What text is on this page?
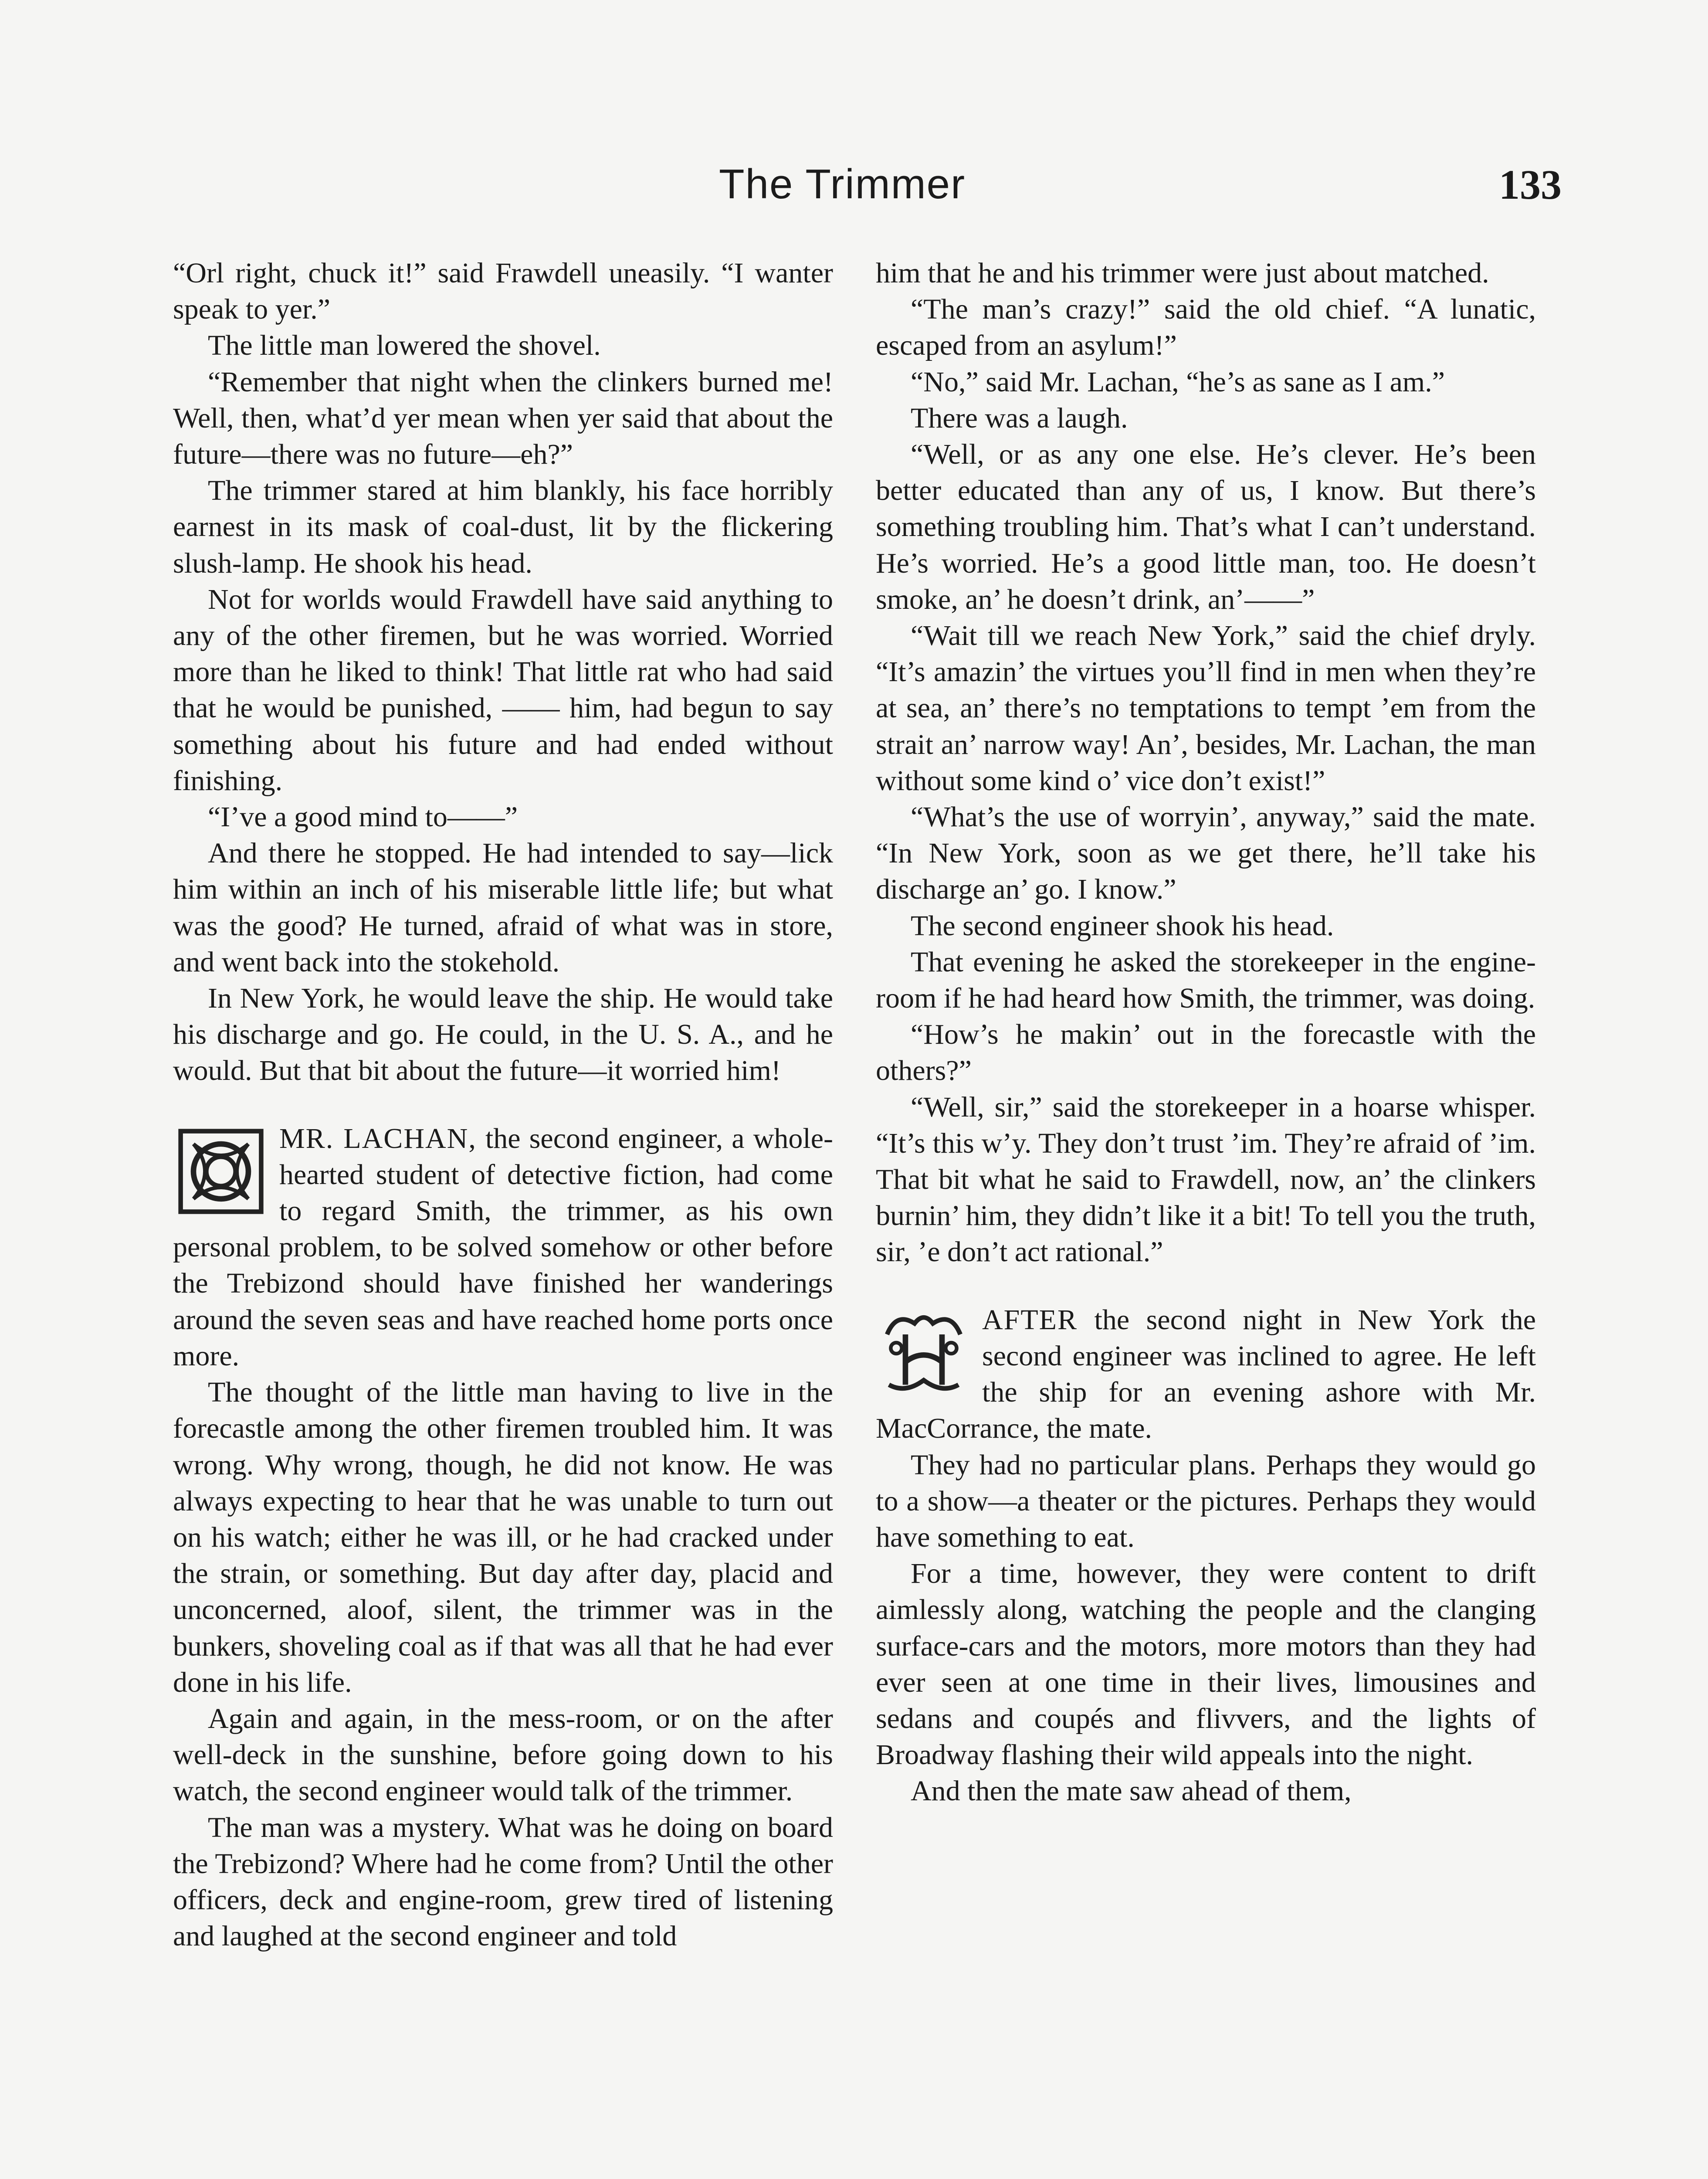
The Trimmer	133

“Orl right, chuck it!” said Frawdell uneasily. “I wanter speak to yer.”

The little man lowered the shovel.

“Remember that night when the clinkers burned me! Well, then, what’d yer mean when yer said that about the future—there was no future—eh?”

The trimmer stared at him blankly, his face horribly earnest in its mask of coal-dust, lit by the flickering slush-lamp. He shook his head.

Not for worlds would Frawdell have said anything to any of the other firemen, but he was worried. Worried more than he liked to think! That little rat who had said that he would be punished, —— him, had begun to say something about his future and had ended without finishing.

“I’ve a good mind to——”

And there he stopped. He had intended to say—lick him within an inch of his miserable little life; but what was the good? He turned, afraid of what was in store, and went back into the stokehold.

In New York, he would leave the ship. He would take his discharge and go. He could, in the U. S. A., and he would. But that bit about the future—it worried him!

MR. LACHAN, the second engineer, a whole-hearted student of detective fiction, had come to regard Smith, the trimmer, as his own personal problem, to be solved somehow or other before the Trebizond should have finished her wanderings around the seven seas and have reached home ports once more.

The thought of the little man having to live in the forecastle among the other firemen troubled him. It was wrong. Why wrong, though, he did not know. He was always expecting to hear that he was unable to turn out on his watch; either he was ill, or he had cracked under the strain, or something. But day after day, placid and unconcerned, aloof, silent, the trimmer was in the bunkers, shoveling coal as if that was all that he had ever done in his life.

Again and again, in the mess-room, or on the after well-deck in the sunshine, before going down to his watch, the second engineer would talk of the trimmer.

The man was a mystery. What was he doing on board the Trebizond? Where had he come from? Until the other officers, deck and engine-room, grew tired of listening and laughed at the second engineer and told

him that he and his trimmer were just about matched.

“The man’s crazy!” said the old chief. “A lunatic, escaped from an asylum!”

“No,” said Mr. Lachan, “he’s as sane as I am.”

There was a laugh.

“Well, or as any one else. He’s clever. He’s been better educated than any of us, I know. But there’s something troubling him. That’s what I can’t understand. He’s worried. He’s a good little man, too. He doesn’t smoke, an’ he doesn’t drink, an’——”

“Wait till we reach New York,” said the chief dryly. “It’s amazin’ the virtues you’ll find in men when they’re at sea, an’ there’s no temptations to tempt ’em from the strait an’ narrow way! An’, besides, Mr. Lachan, the man without some kind o’ vice don’t exist!”

“What’s the use of worryin’, anyway,” said the mate. “In New York, soon as we get there, he’ll take his discharge an’ go. I know.”

The second engineer shook his head.

That evening he asked the storekeeper in the engine-room if he had heard how Smith, the trimmer, was doing.

“How’s he makin’ out in the forecastle with the others?”

“Well, sir,” said the storekeeper in a hoarse whisper. “It’s this w’y. They don’t trust ’im. They’re afraid of ’im. That bit what he said to Frawdell, now, an’ the clinkers burnin’ him, they didn’t like it a bit! To tell you the truth, sir, ’e don’t act rational.”

AFTER the second night in New York the second engineer was inclined to agree. He left the ship for an evening ashore with Mr. MacCorrance, the mate.

They had no particular plans. Perhaps they would go to a show—a theater or the pictures. Perhaps they would have something to eat.

For a time, however, they were content to drift aimlessly along, watching the people and the clanging surface-cars and the motors, more motors than they had ever seen at one time in their lives, limousines and sedans and coupés and flivvers, and the lights of Broadway flashing their wild appeals into the night.

And then the mate saw ahead of them,
